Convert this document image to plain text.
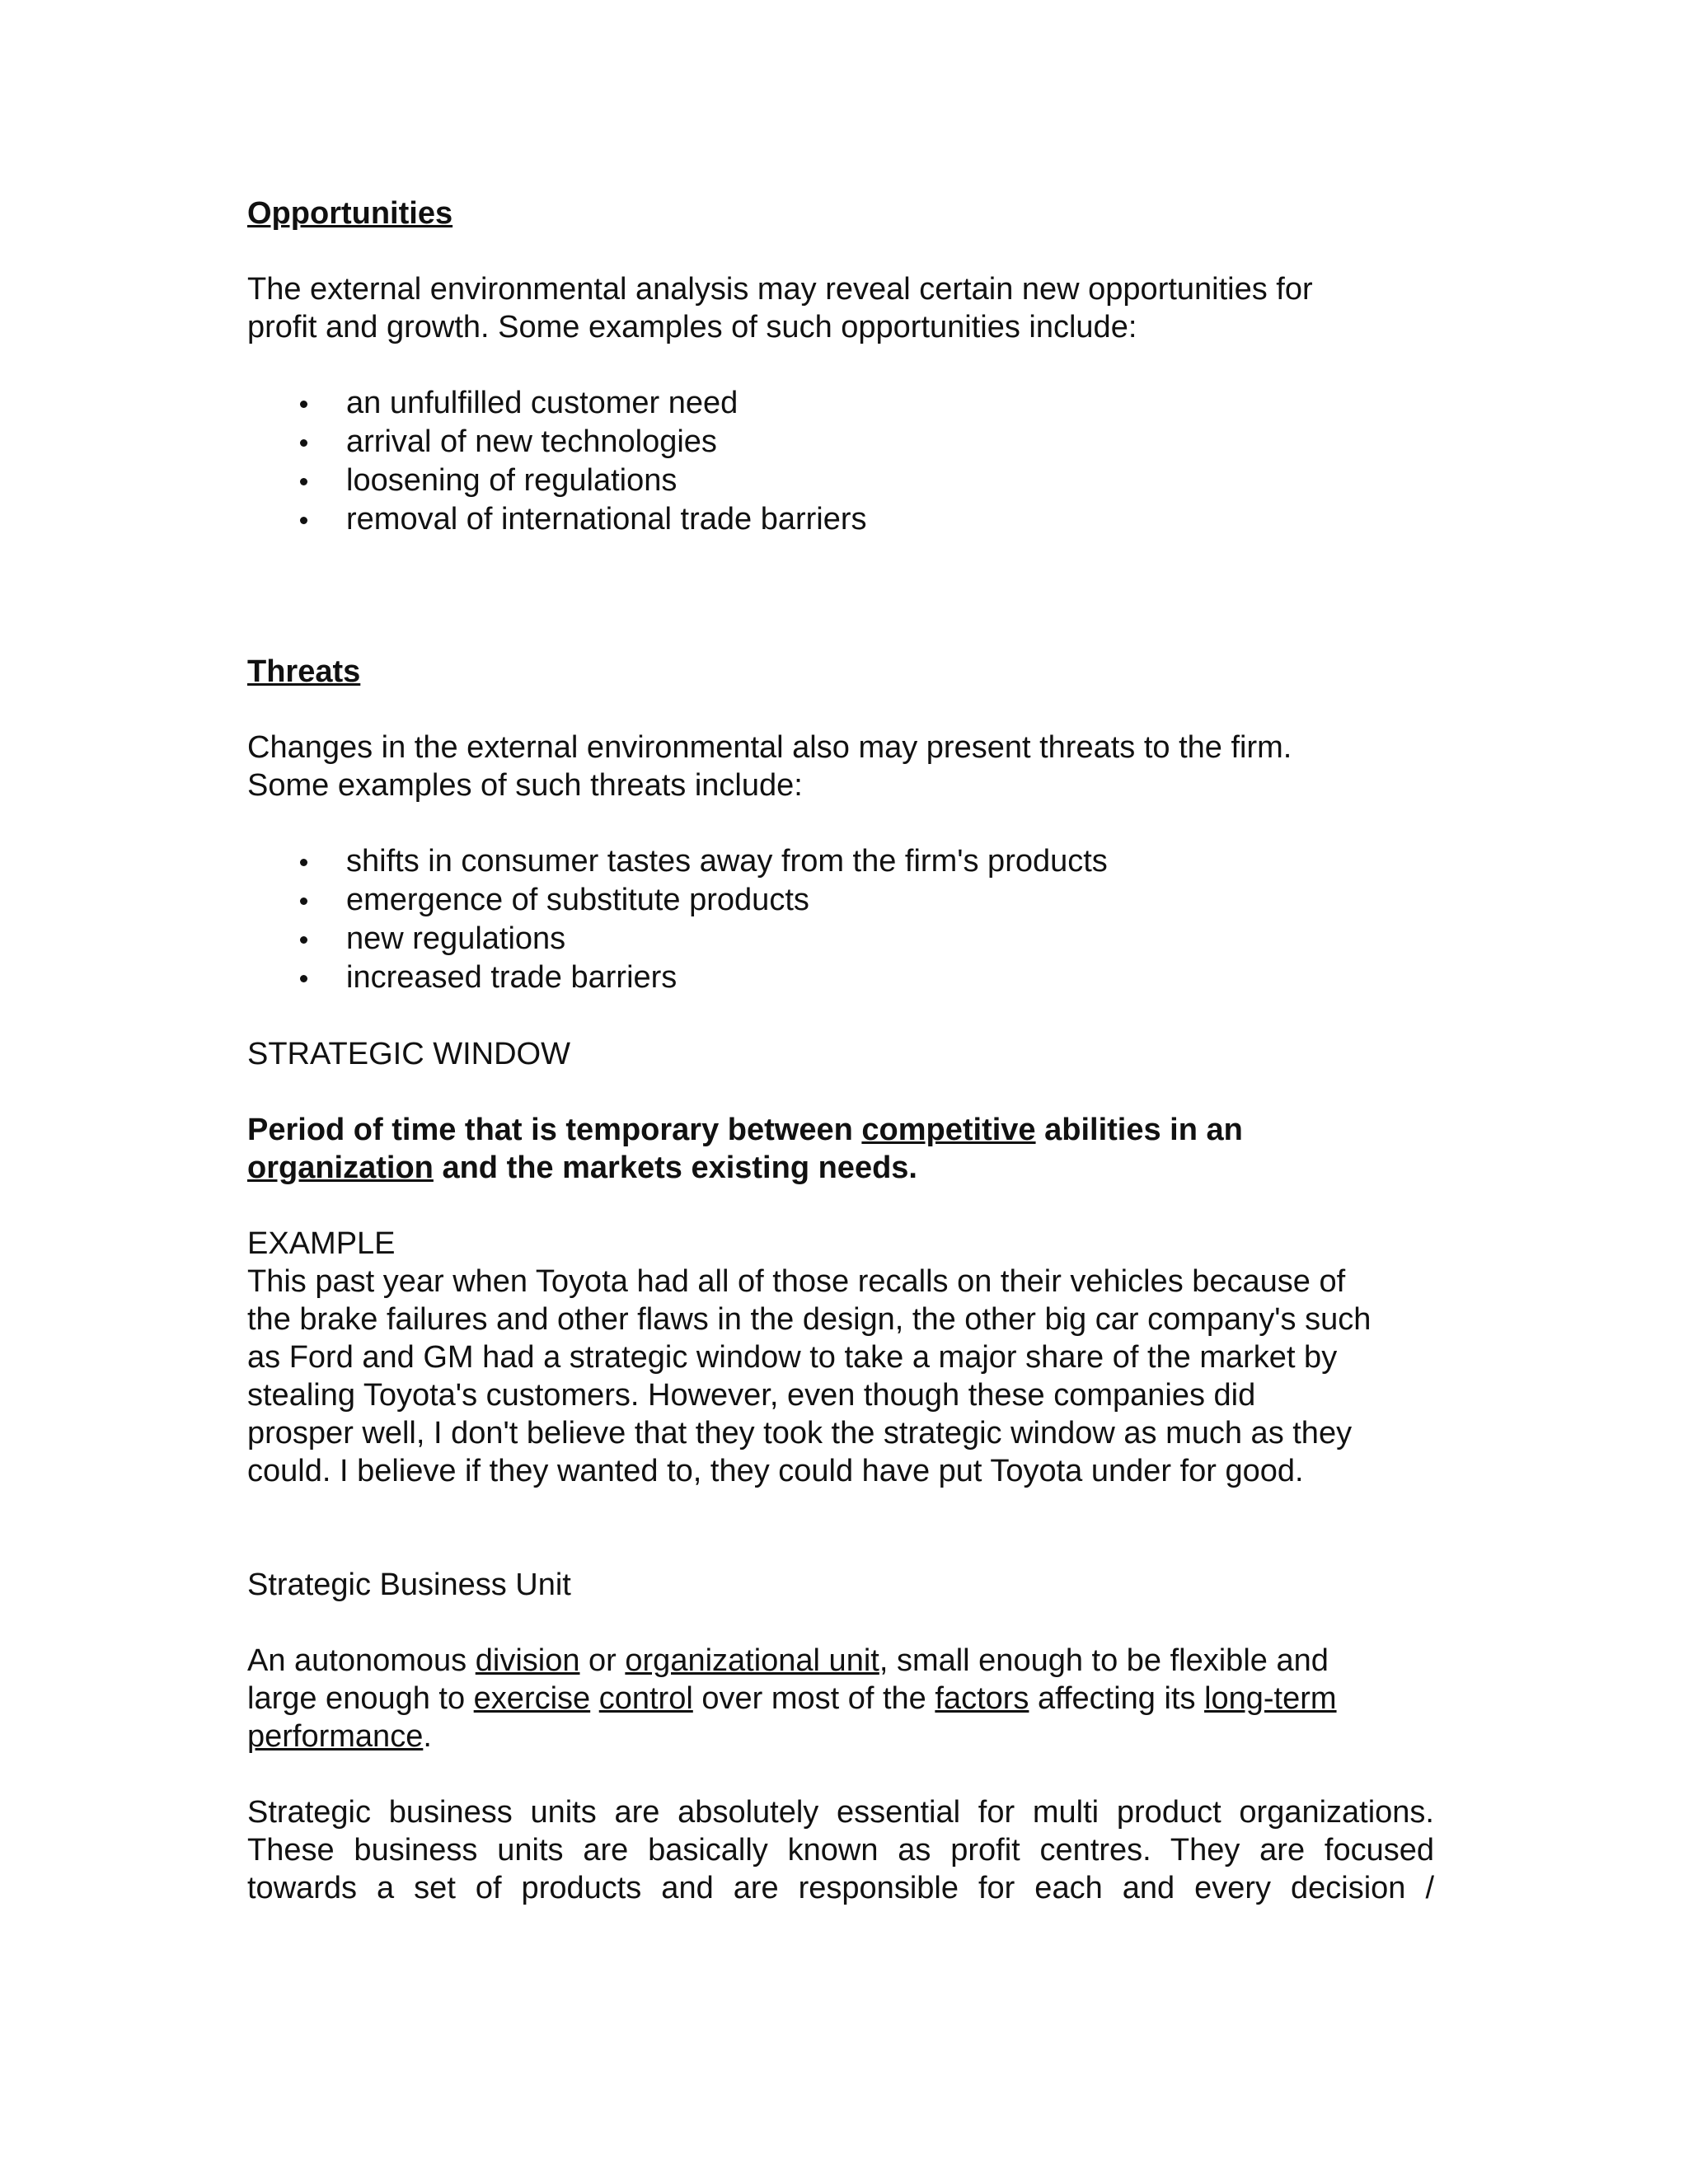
Opportunities

The external environmental analysis may reveal certain new opportunities for

profit and growth. Some examples of such opportunities include:

an unfulfilled customer need
arrival of new technologies
loosening of regulations
removal of international trade barriers

Threats

Changes in the external environmental also may present threats to the firm.

Some examples of such threats include:

shifts in consumer tastes away from the firm's products
emergence of substitute products
new regulations
increased trade barriers

STRATEGIC WINDOW

Period of time that is temporary between competitive abilities in an

organization and the markets existing needs.

EXAMPLE

This past year when Toyota had all of those recalls on their vehicles because of

the brake failures and other flaws in the design, the other big car company's such

as Ford and GM had a strategic window to take a major share of the market by

stealing Toyota's customers. However, even though these companies did

prosper well, I don't believe that they took the strategic window as much as they

could. I believe if they wanted to, they could have put Toyota under for good.

Strategic Business Unit

An autonomous division or organizational unit, small enough to be flexible and

large enough to exercise control over most of the factors affecting its long-term

performance.

Strategic business units are absolutely essential for multi product organizations.

These business units are basically known as profit centres. They are focused

towards a set of products and are responsible for each and every decision /
